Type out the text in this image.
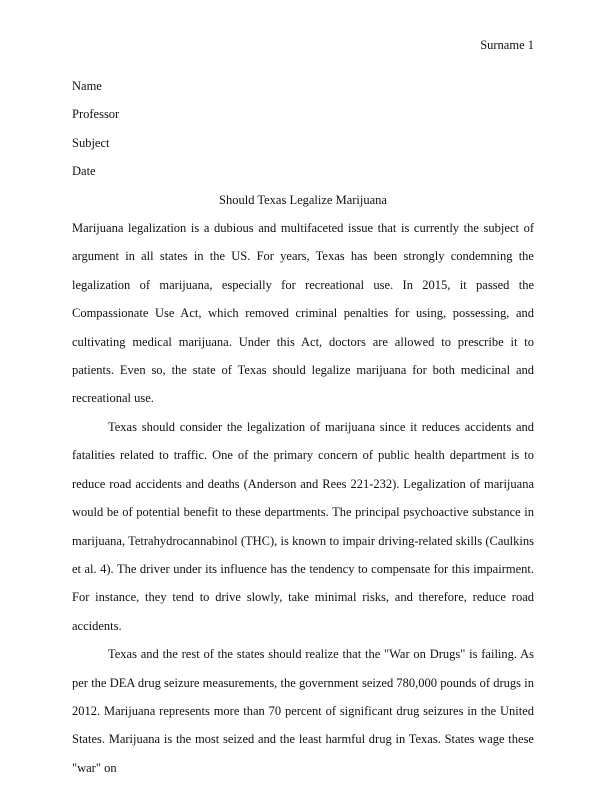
Surname 1
Name
Professor
Subject
Date

Should Texas Legalize Marijuana

Marijuana legalization is a dubious and multifaceted issue that is currently the subject of argument in all states in the US. For years, Texas has been strongly condemning the legalization of marijuana, especially for recreational use. In 2015, it passed the Compassionate Use Act, which removed criminal penalties for using, possessing, and cultivating medical marijuana. Under this Act, doctors are allowed to prescribe it to patients. Even so, the state of Texas should legalize marijuana for both medicinal and recreational use.

Texas should consider the legalization of marijuana since it reduces accidents and fatalities related to traffic. One of the primary concern of public health department is to reduce road accidents and deaths (Anderson and Rees 221-232). Legalization of marijuana would be of potential benefit to these departments. The principal psychoactive substance in marijuana, Tetrahydrocannabinol (THC), is known to impair driving-related skills (Caulkins et al. 4). The driver under its influence has the tendency to compensate for this impairment. For instance, they tend to drive slowly, take minimal risks, and therefore, reduce road accidents.

Texas and the rest of the states should realize that the "War on Drugs" is failing. As per the DEA drug seizure measurements, the government seized 780,000 pounds of drugs in 2012. Marijuana represents more than 70 percent of significant drug seizures in the United States. Marijuana is the most seized and the least harmful drug in Texas. States wage these "war" on
